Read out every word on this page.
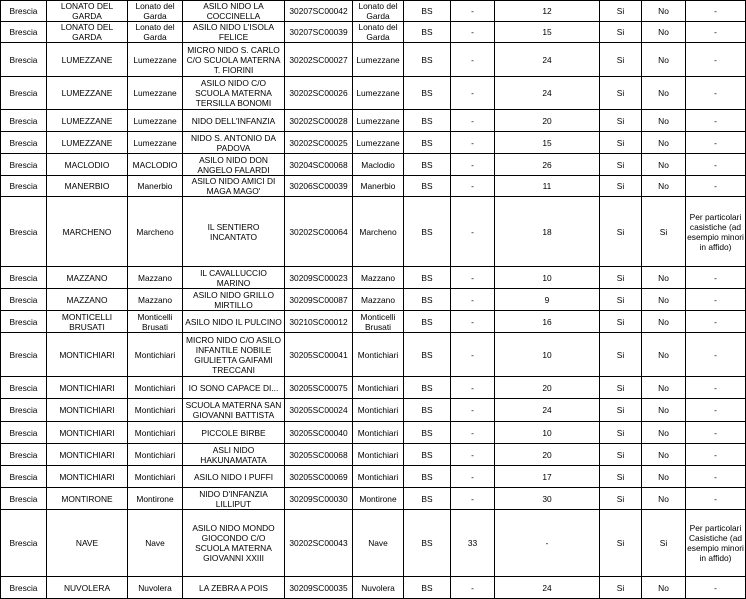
Brescia	LONATO DEL GARDA	Lonato del Garda	ASILO NIDO LA COCCINELLA	30207SC00042	Lonato del Garda	BS	-	12	Si	No	-
Brescia	LONATO DEL GARDA	Lonato del Garda	ASILO NIDO L'ISOLA FELICE	30207SC00039	Lonato del Garda	BS	-	15	Si	No	-
Brescia	LUMEZZANE	Lumezzane	MICRO NIDO S. CARLO C/O SCUOLA MATERNA T. FIORINI	30202SC00027	Lumezzane	BS	-	24	Si	No	-
Brescia	LUMEZZANE	Lumezzane	ASILO NIDO C/O SCUOLA MATERNA TERSILLA BONOMI	30202SC00026	Lumezzane	BS	-	24	Si	No	-
Brescia	LUMEZZANE	Lumezzane	NIDO DELL'INFANZIA	30202SC00028	Lumezzane	BS	-	20	Si	No	-
Brescia	LUMEZZANE	Lumezzane	NIDO S. ANTONIO DA PADOVA	30202SC00025	Lumezzane	BS	-	15	Si	No	-
Brescia	MACLODIO	MACLODIO	ASILO NIDO DON ANGELO FALARDI	30204SC00068	Maclodio	BS	-	26	Si	No	-
Brescia	MANERBIO	Manerbio	ASILO NIDO AMICI DI MAGA MAGO'	30206SC00039	Manerbio	BS	-	11	Si	No	-
Brescia	MARCHENO	Marcheno	IL SENTIERO INCANTATO	30202SC00064	Marcheno	BS	-	18	Si	Si	Per particolari casistiche (ad esempio minori in affido)
Brescia	MAZZANO	Mazzano	IL CAVALLUCCIO MARINO	30209SC00023	Mazzano	BS	-	10	Si	No	-
Brescia	MAZZANO	Mazzano	ASILO NIDO GRILLO MIRTILLO	30209SC00087	Mazzano	BS	-	9	Si	No	-
Brescia	MONTICELLI BRUSATI	Monticelli Brusati	ASILO NIDO IL PULCINO	30210SC00012	Monticelli Brusati	BS	-	16	Si	No	-
Brescia	MONTICHIARI	Montichiari	MICRO NIDO C/O ASILO INFANTILE NOBILE GIULIETTA GAIFAMI TRECCANI	30205SC00041	Montichiari	BS	-	10	Si	No	-
Brescia	MONTICHIARI	Montichiari	IO SONO CAPACE DI...	30205SC00075	Montichiari	BS	-	20	Si	No	-
Brescia	MONTICHIARI	Montichiari	SCUOLA MATERNA SAN GIOVANNI BATTISTA	30205SC00024	Montichiari	BS	-	24	Si	No	-
Brescia	MONTICHIARI	Montichiari	PICCOLE BIRBE	30205SC00040	Montichiari	BS	-	10	Si	No	-
Brescia	MONTICHIARI	Montichiari	ASLI NIDO HAKUNAMATATA	30205SC00068	Montichiari	BS	-	20	Si	No	-
Brescia	MONTICHIARI	Montichiari	ASILO NIDO I PUFFI	30205SC00069	Montichiari	BS	-	17	Si	No	-
Brescia	MONTIRONE	Montirone	NIDO D'INFANZIA LILLIPUT	30209SC00030	Montirone	BS	-	30	Si	No	-
Brescia	NAVE	Nave	ASILO NIDO MONDO GIOCONDO C/O SCUOLA MATERNA GIOVANNI XXIII	30202SC00043	Nave	BS	33	-	Si	Si	Per particolari Casistiche (ad esempio minori in affido)
Brescia	NUVOLERA	Nuvolera	LA ZEBRA A POIS	30209SC00035	Nuvolera	BS	-	24	Si	No	-
